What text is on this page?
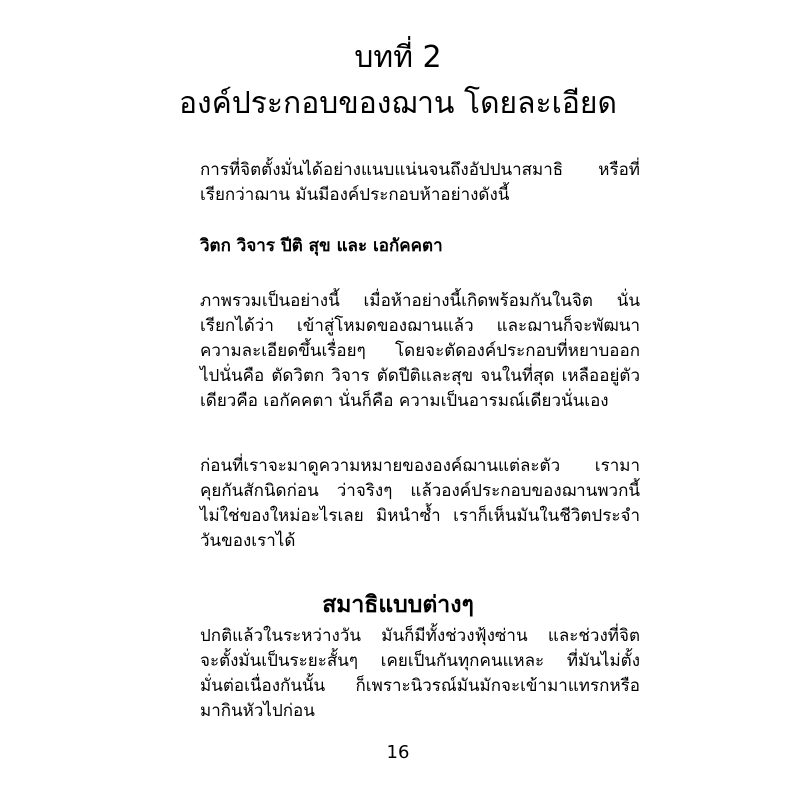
บทที่ 2
องค์ประกอบของฌาน โดยละเอียด
การที่จิตตั้งมั่นได้อย่างแนบแน่นจนถึงอัปปนาสมาธิ หรือที่
เรียกว่าฌาน มันมีองค์ประกอบห้าอย่างดังนี้
วิตก วิจาร ปีติ สุข และ เอกัคคตา
ภาพรวมเป็นอย่างนี้ เมื่อห้าอย่างนี้เกิดพร้อมกันในจิต นั่น
เรียกได้ว่า เข้าสู่โหมดของฌานแล้ว และฌานก็จะพัฒนา
ความละเอียดขึ้นเรื่อยๆ โดยจะตัดองค์ประกอบที่หยาบออก
ไปนั่นคือ ตัดวิตก วิจาร ตัดปีติและสุข จนในที่สุด เหลืออยู่ตัว
เดียวคือ เอกัคคตา นั่นก็คือ ความเป็นอารมณ์เดียวนั่นเอง
ก่อนที่เราจะมาดูความหมายขององค์ฌานแต่ละตัว เรามา
คุยกันสักนิดก่อน ว่าจริงๆ แล้วองค์ประกอบของฌานพวกนี้
ไม่ใช่ของใหม่อะไรเลย มิหนำซ้ำ เราก็เห็นมันในชีวิตประจำ
วันของเราได้
สมาธิแบบต่างๆ
ปกติแล้วในระหว่างวัน มันก็มีทั้งช่วงฟุ้งซ่าน และช่วงที่จิต
จะตั้งมั่นเป็นระยะสั้นๆ เคยเป็นกันทุกคนแหละ ที่มันไม่ตั้ง
มั่นต่อเนื่องกันนั้น ก็เพราะนิวรณ์มันมักจะเข้ามาแทรกหรือ
มากินหัวไปก่อน
16
